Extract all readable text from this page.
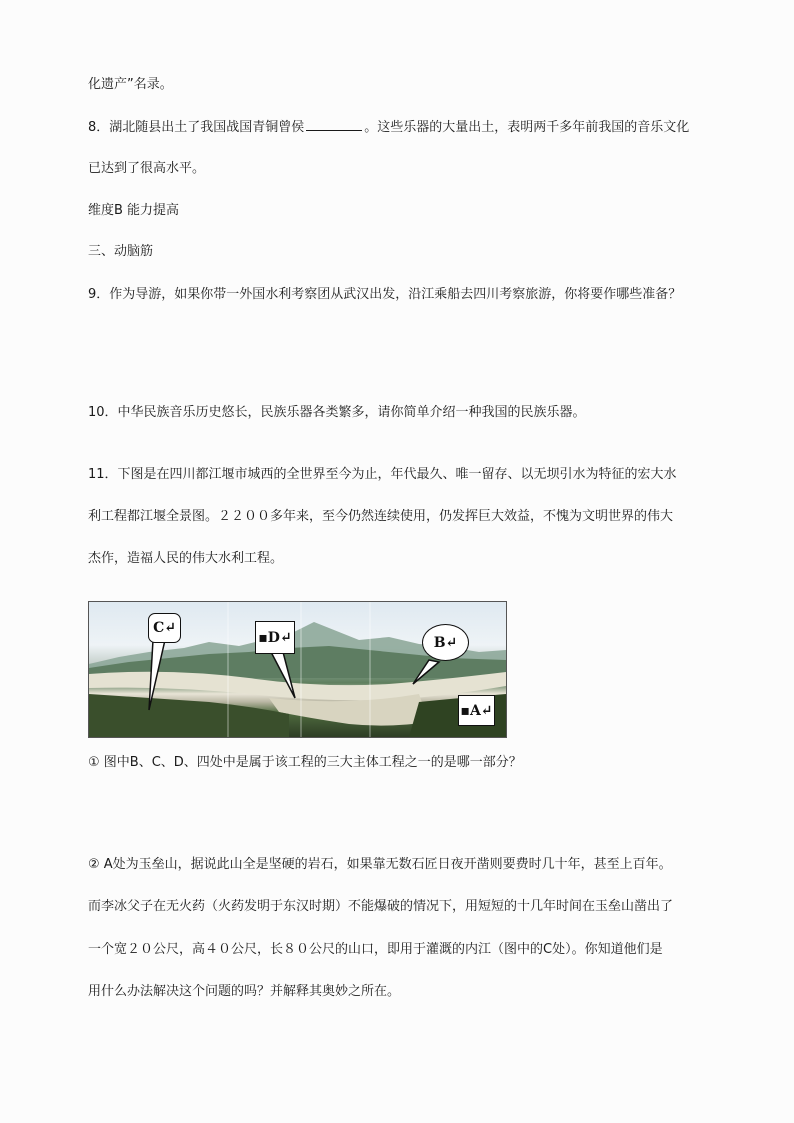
化遗产”名录。
8．湖北随县出土了我国战国青铜曾侯	。这些乐器的大量出土，表明两千多年前我国的音乐文化
已达到了很高水平。
维度B 能力提高
三、动脑筋
9．作为导游，如果你带一外国水利考察团从武汉出发，沿江乘船去四川考察旅游，你将要作哪些准备？
10．中华民族音乐历史悠长，民族乐器各类繁多，请你简单介绍一种我国的民族乐器。
11．下图是在四川都江堰市城西的全世界至今为止，年代最久、唯一留存、以无坝引水为特征的宏大水
利工程都江堰全景图。２２００多年来，至今仍然连续使用，仍发挥巨大效益，不愧为文明世界的伟大
杰作，造福人民的伟大水利工程。
C↵
▪D↵	B↵
▪A↵
① 图中B、C、D、四处中是属于该工程的三大主体工程之一的是哪一部分？
② A处为玉垒山，据说此山全是坚硬的岩石，如果靠无数石匠日夜开凿则要费时几十年，甚至上百年。
而李冰父子在无火药（火药发明于东汉时期）不能爆破的情况下，用短短的十几年时间在玉垒山凿出了
一个宽２０公尺，高４０公尺，长８０公尺的山口，即用于灌溉的内江（图中的C处）。你知道他们是
用什么办法解决这个问题的吗？并解释其奥妙之所在。
